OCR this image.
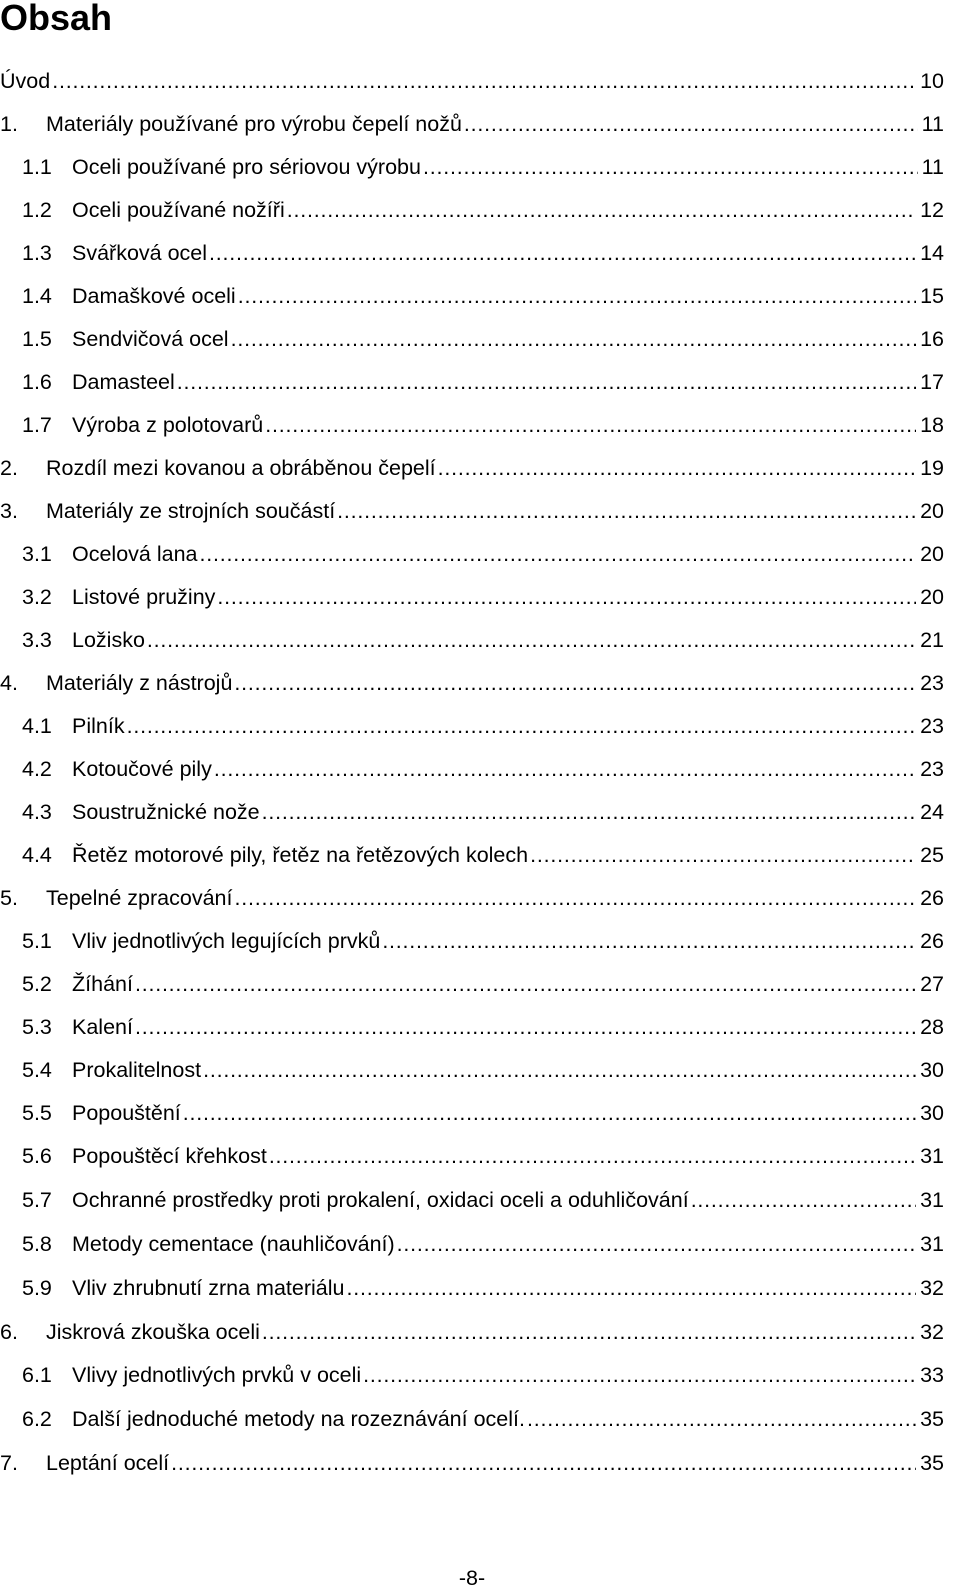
Obsah
Úvod . . .	10
1.	Materiály používané pro výrobu čepelí nožů . . .	11
1.1 Oceli používané pro sériovou výrobu . . .	11
1.2 Oceli používané nožíři . . .	12
1.3 Svářková ocel . . .	14
1.4 Damaškové oceli . . .	15
1.5 Sendvičová ocel . . .	16
1.6 Damasteel . . .	17
1.7 Výroba z polotovarů . . .	18
2.	Rozdíl mezi kovanou a obráběnou čepelí . . .	19
3.	Materiály ze strojních součástí . . .	20
3.1 Ocelová lana . . .	20
3.2 Listové pružiny . . .	20
3.3 Ložisko . . .	21
4.	Materiály z nástrojů . . .	23
4.1 Pilník . . .	23
4.2 Kotoučové pily . . .	23
4.3 Soustružnické nože . . .	24
4.4 Řetěz motorové pily, řetěz na řetězových kolech . . .	25
5.	Tepelné zpracování . . .	26
5.1 Vliv jednotlivých legujících prvků . . .	26
5.2 Žíhání . . .	27
5.3 Kalení . . .	28
5.4 Prokalitelnost . . .	30
5.5 Popouštění . . .	30
5.6 Popouštěcí křehkost . . .	31
5.7 Ochranné prostředky proti prokalení, oxidaci oceli a oduhličování . . .	31
5.8 Metody cementace (nauhličování) . . .	31
5.9 Vliv zhrubnutí zrna materiálu . . .	32
6.	Jiskrová zkouška oceli . . .	32
6.1 Vlivy jednotlivých prvků v oceli . . .	33
6.2 Další jednoduché metody na rozeznávání ocelí. . . .	35
7.	Leptání ocelí . . .	35
-8-
